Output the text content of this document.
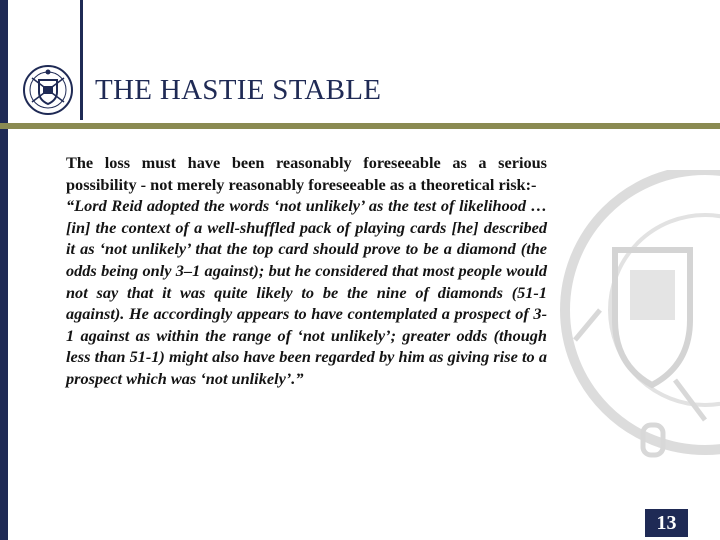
THE HASTIE STABLE

The loss must have been reasonably foreseeable as a serious possibility - not merely reasonably foreseeable as a theoretical risk:-

“Lord Reid adopted the words ‘not unlikely’ as the test of likelihood … [in] the context of a well-shuffled pack of playing cards [he] described it as ‘not unlikely’ that the top card should prove to be a diamond (the odds being only 3–1 against); but he considered that most people would not say that it was quite likely to be the nine of diamonds (51-1 against). He accordingly appears to have contemplated a prospect of 3-1 against as within the range of ‘not unlikely’; greater odds (though less than 51-1) might also have been regarded by him as giving rise to a prospect which was ‘not unlikely’.”

13
